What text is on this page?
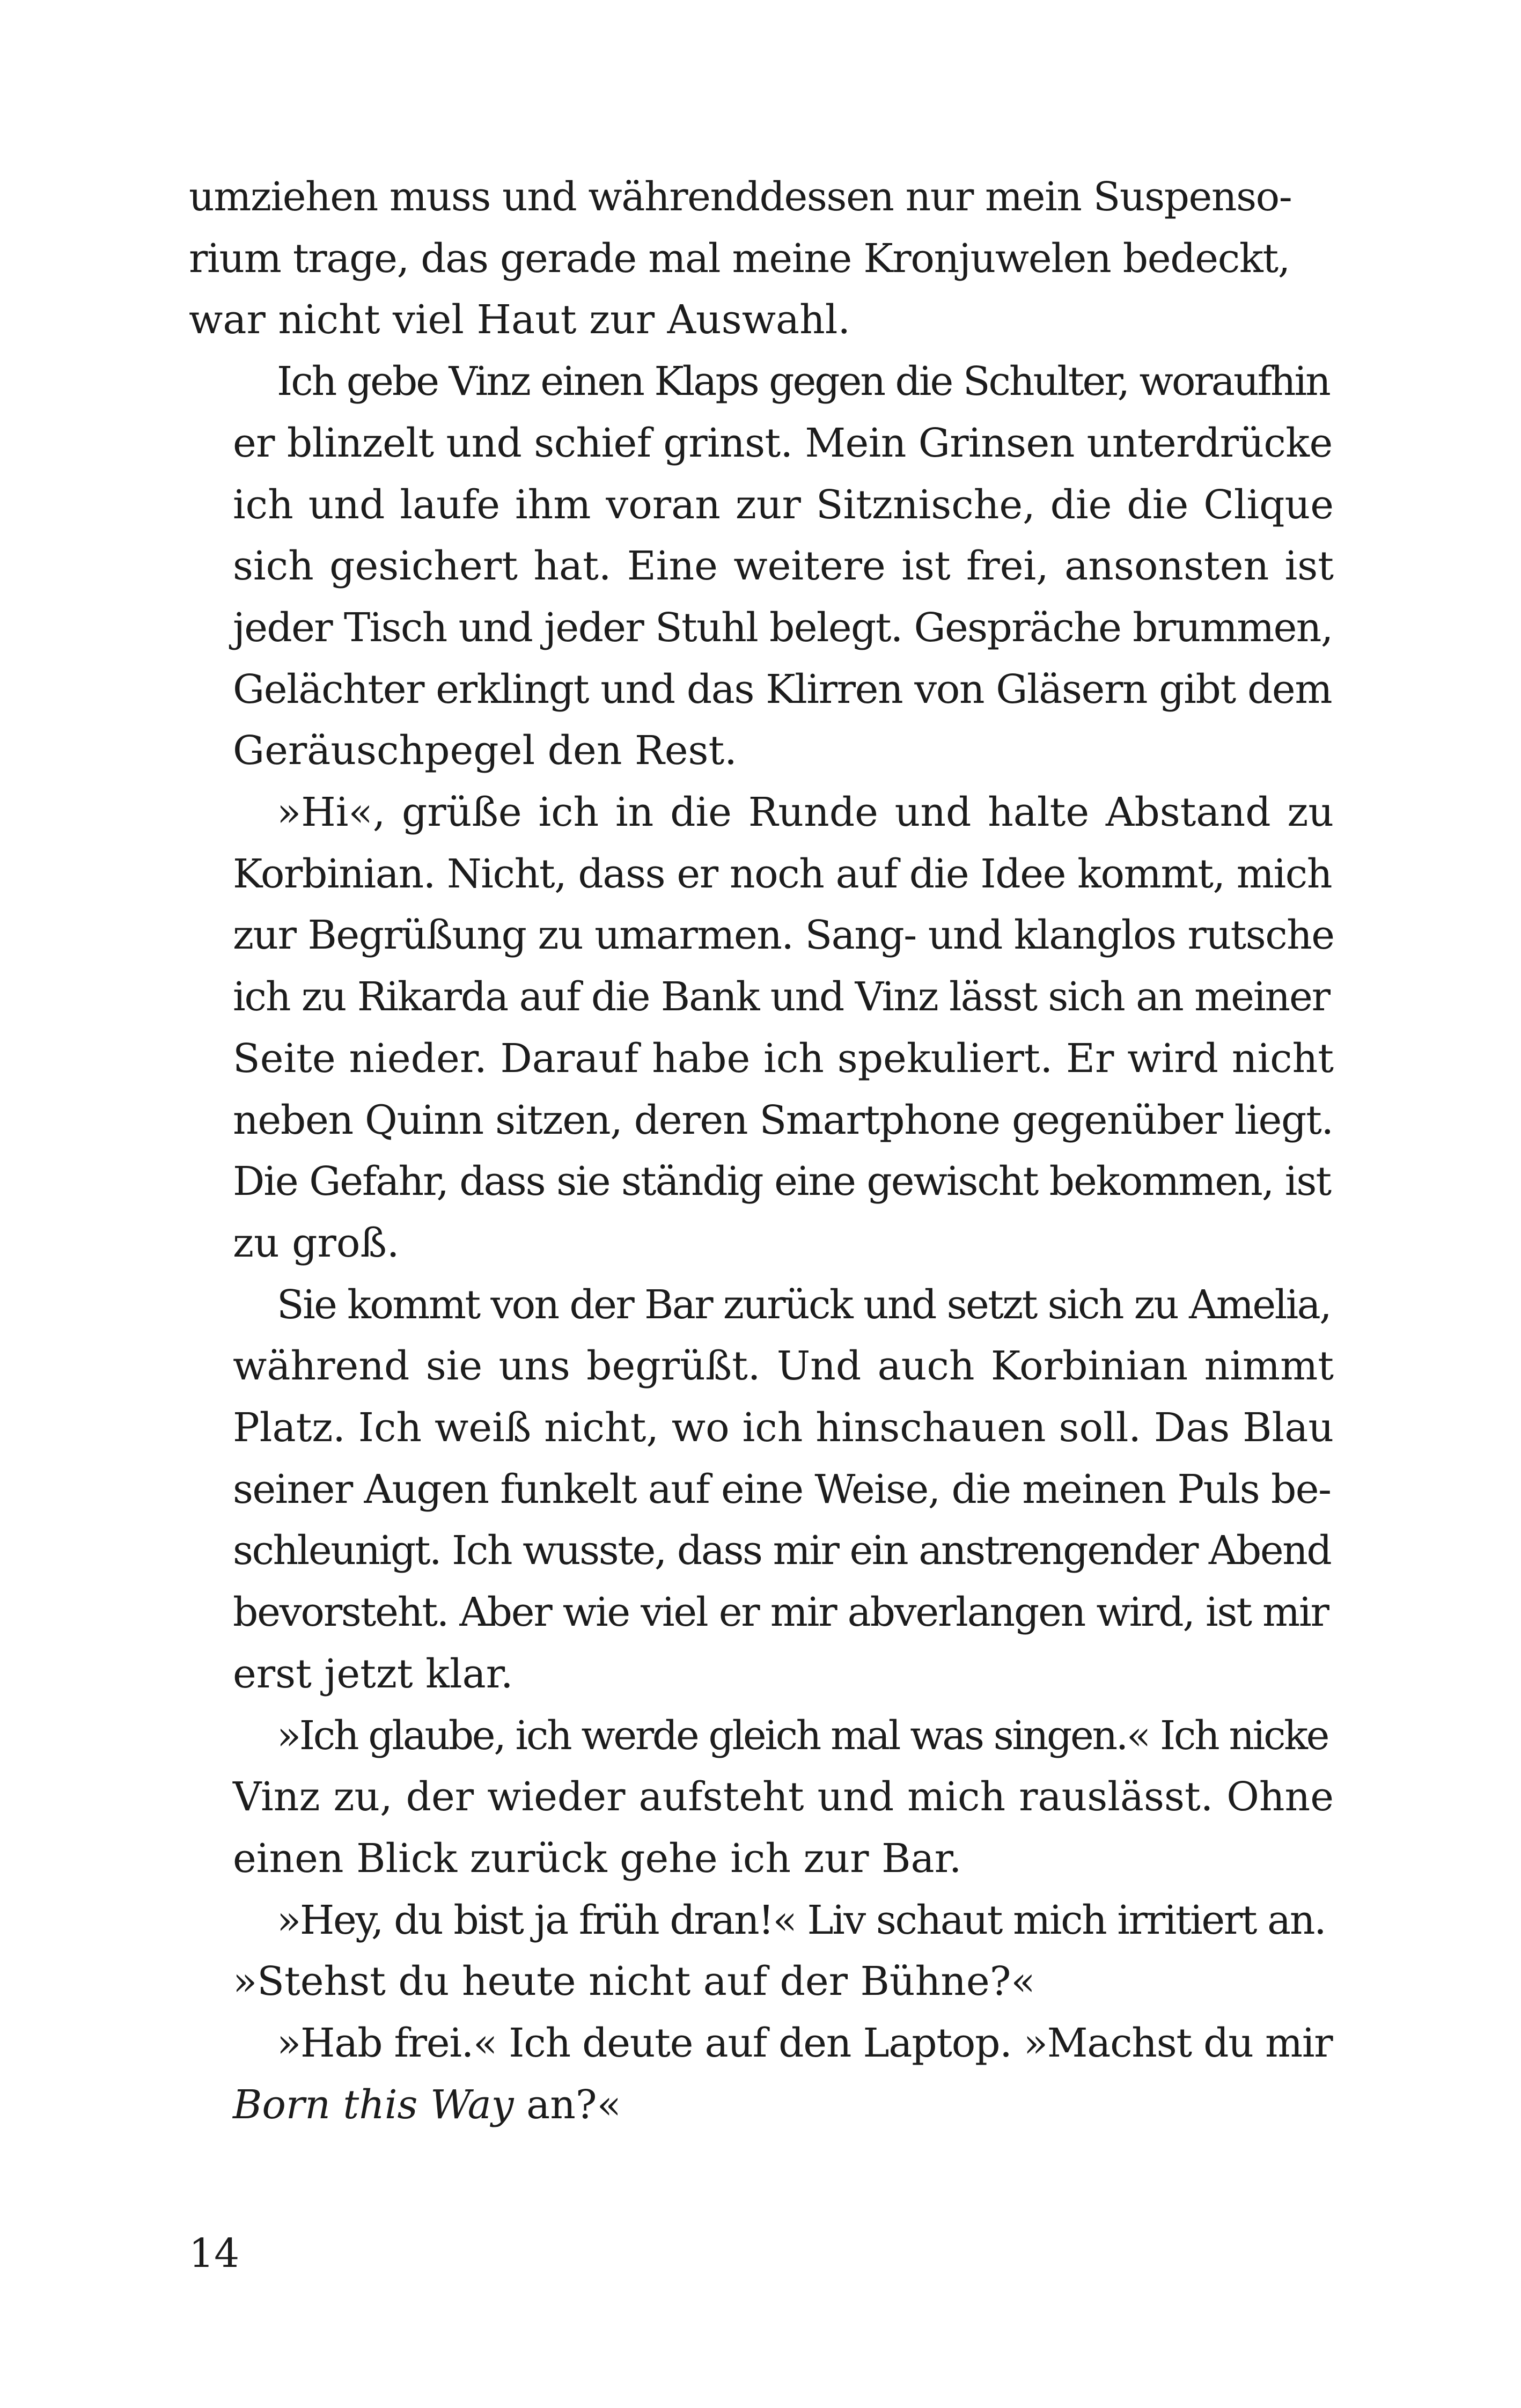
umziehen muss und währenddessen nur mein Suspenso-
rium trage, das gerade mal meine Kronjuwelen bedeckt,
war nicht viel Haut zur Auswahl.

Ich gebe Vinz einen Klaps gegen die Schulter, woraufhin
er blinzelt und schief grinst. Mein Grinsen unterdrücke
ich und laufe ihm voran zur Sitznische, die die Clique
sich gesichert hat. Eine weitere ist frei, ansonsten ist
jeder Tisch und jeder Stuhl belegt. Gespräche brummen,
Gelächter erklingt und das Klirren von Gläsern gibt dem
Geräuschpegel den Rest.

»Hi«, grüße ich in die Runde und halte Abstand zu
Korbinian. Nicht, dass er noch auf die Idee kommt, mich
zur Begrüßung zu umarmen. Sang- und klanglos rutsche
ich zu Rikarda auf die Bank und Vinz lässt sich an meiner
Seite nieder. Darauf habe ich spekuliert. Er wird nicht
neben Quinn sitzen, deren Smartphone gegenüber liegt.
Die Gefahr, dass sie ständig eine gewischt bekommen, ist
zu groß.

Sie kommt von der Bar zurück und setzt sich zu Amelia,
während sie uns begrüßt. Und auch Korbinian nimmt
Platz. Ich weiß nicht, wo ich hinschauen soll. Das Blau
seiner Augen funkelt auf eine Weise, die meinen Puls be-
schleunigt. Ich wusste, dass mir ein anstrengender Abend
bevorsteht. Aber wie viel er mir abverlangen wird, ist mir
erst jetzt klar.

»Ich glaube, ich werde gleich mal was singen.« Ich nicke
Vinz zu, der wieder aufsteht und mich rauslässt. Ohne
einen Blick zurück gehe ich zur Bar.

»Hey, du bist ja früh dran!« Liv schaut mich irritiert an.
»Stehst du heute nicht auf der Bühne?«

»Hab frei.« Ich deute auf den Laptop. »Machst du mir
Born this Way an?«

14
